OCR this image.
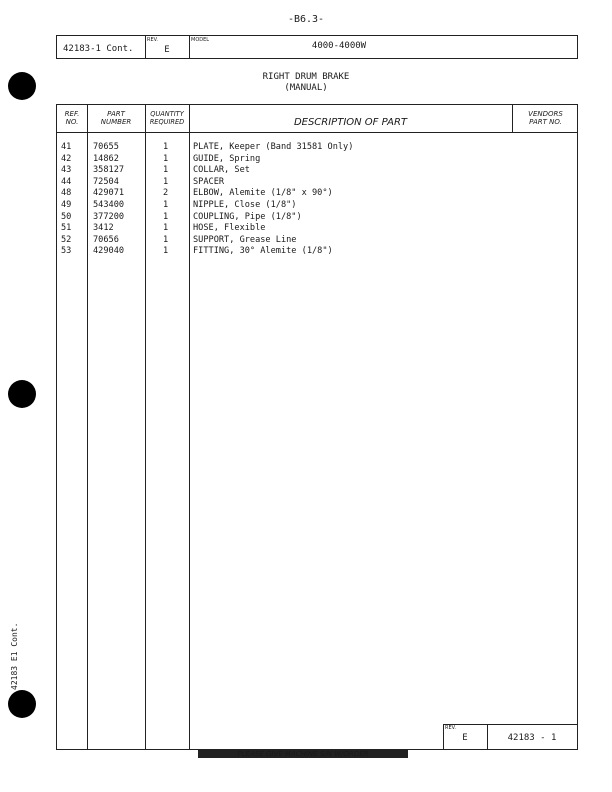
-B6.3-
42183-1 Cont.
REV.
E
MODEL
4000-4000W
RIGHT DRUM BRAKE
(MANUAL)
REF.
NO.
PART
NUMBER
QUANTITY
REQUIRED	DESCRIPTION OF PART
VENDORS
PART NO.
41	70655	1	PLATE, Keeper (Band 31581 Only)
42	14862	1	GUIDE, Spring
43	358127	1	COLLAR, Set
44	72504	1	SPACER
48	429071	2	ELBOW, Alemite (1/8" x 90°)
49	543400	1	NIPPLE, Close (1/8")
50	377200	1	COUPLING, Pipe (1/8")
51	3412	1	HOSE, Flexible
52	70656	1	SUPPORT, Grease Line
53	429040	1	FITTING, 30° Alemite (1/8")
REV.
E	42183 - 1
PLEASE GIVE MACHINE S/N W/ORDER
42183 E1 Cont.
